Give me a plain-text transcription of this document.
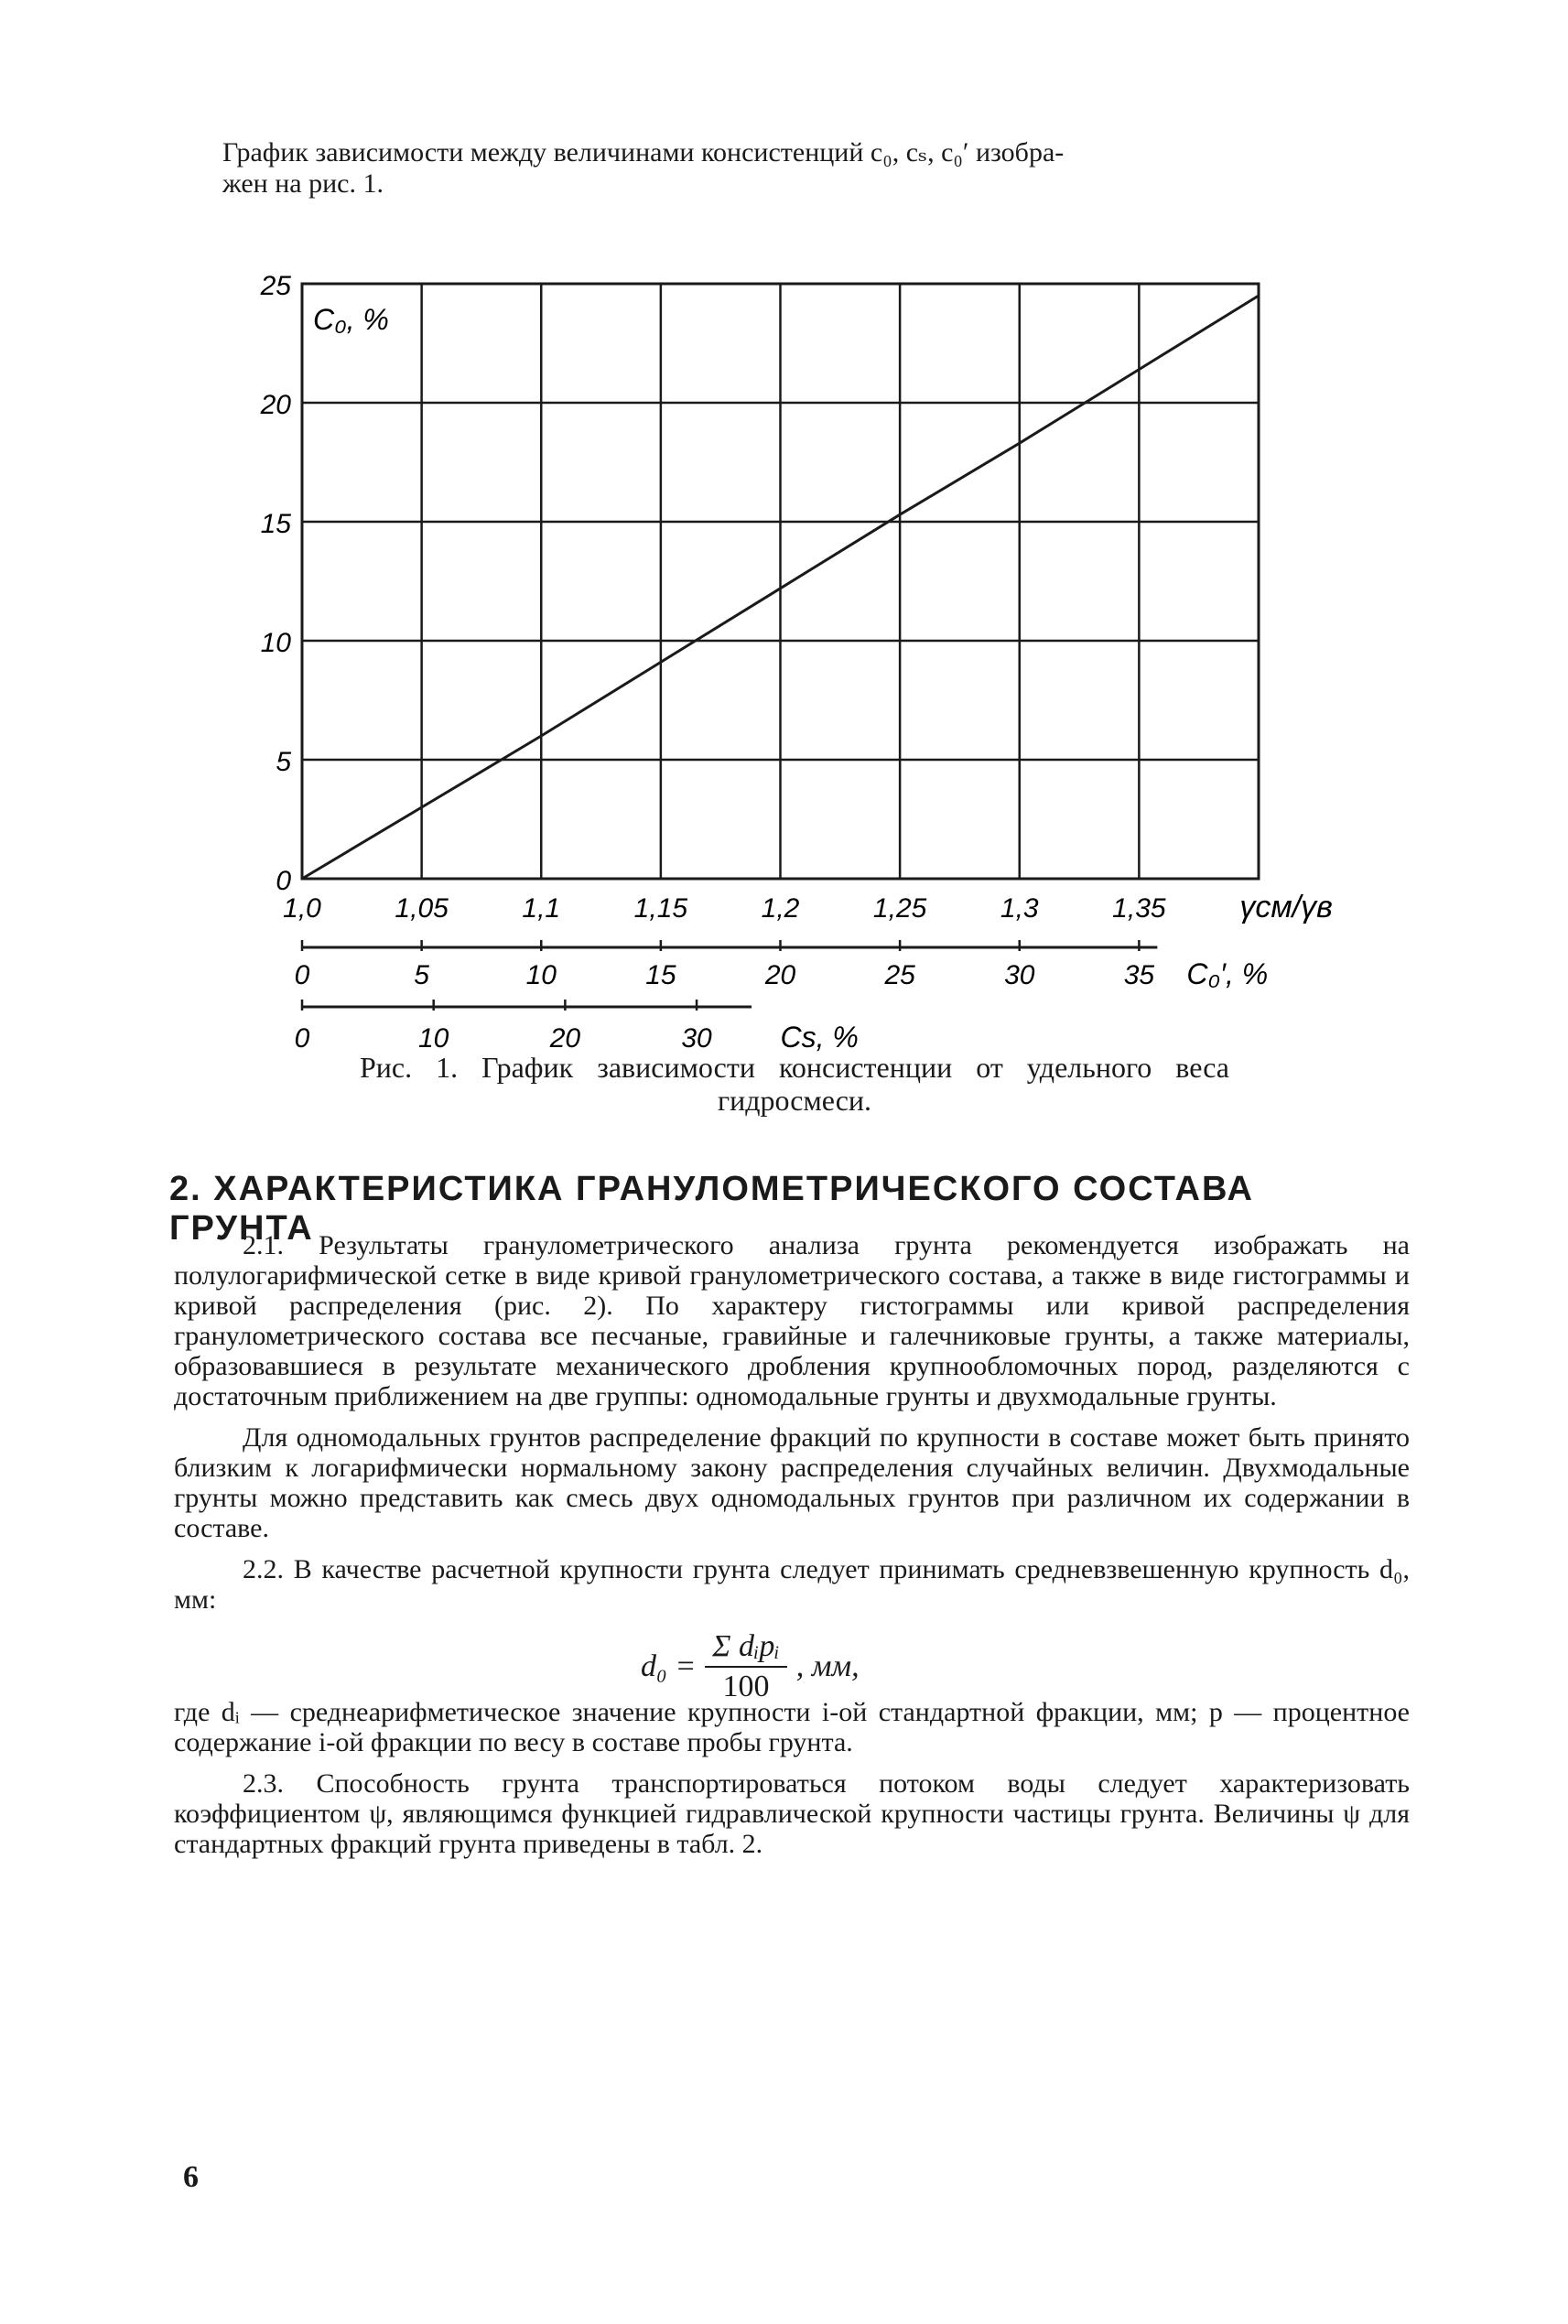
График зависимости между величинами консистенций c₀, cₛ, c₀′ изобра-
жен на рис. 1.
0
5
10
15
20
25
C₀, %
1,0	1,05	1,1	1,15	1,2	1,25	1,3	1,35 γсм/γв
0	5	10	15	20	25	30	35 C₀′, %
0	10	20	30 Cs, %
Рис. 1. График зависимости консистенции от удельного веса
гидросмеси.
2. ХАРАКТЕРИСТИКА ГРАНУЛОМЕТРИЧЕСКОГО СОСТАВА ГРУНТА

2.1. Результаты гранулометрического анализа грунта рекомендуется изображать на полулогарифмической сетке в виде кривой гранулометрического состава, а также в виде гистограммы и кривой распределения (рис. 2). По характеру гистограммы или кривой распределения гранулометрического состава все песчаные, гравийные и галечниковые грунты, а также материалы, образовавшиеся в результате механического дробления крупнообломочных пород, разделяются с достаточным приближением на две группы: одномодальные грунты и двухмодальные грунты.

Для одномодальных грунтов распределение фракций по крупности в составе может быть принято близким к логарифмически нормальному закону распределения случайных величин. Двухмодальные грунты можно представить как смесь двух одномодальных грунтов при различном их содержании в составе.

2.2. В качестве расчетной крупности грунта следует принимать средневзвешенную крупность d₀, мм:

где dᵢ — среднеарифметическое значение крупности i-ой стандартной фракции, мм; p — процентное содержание i-ой фракции по весу в составе пробы грунта.

2.3. Способность грунта транспортироваться потоком воды следует характеризовать коэффициентом ψ, являющимся функцией гидравлической крупности частицы грунта. Величины ψ для стандартных фракций грунта приведены в табл. 2.

$d_0 = \frac{\text{Σ dᵢpᵢ}}{100}$ , мм,
6
